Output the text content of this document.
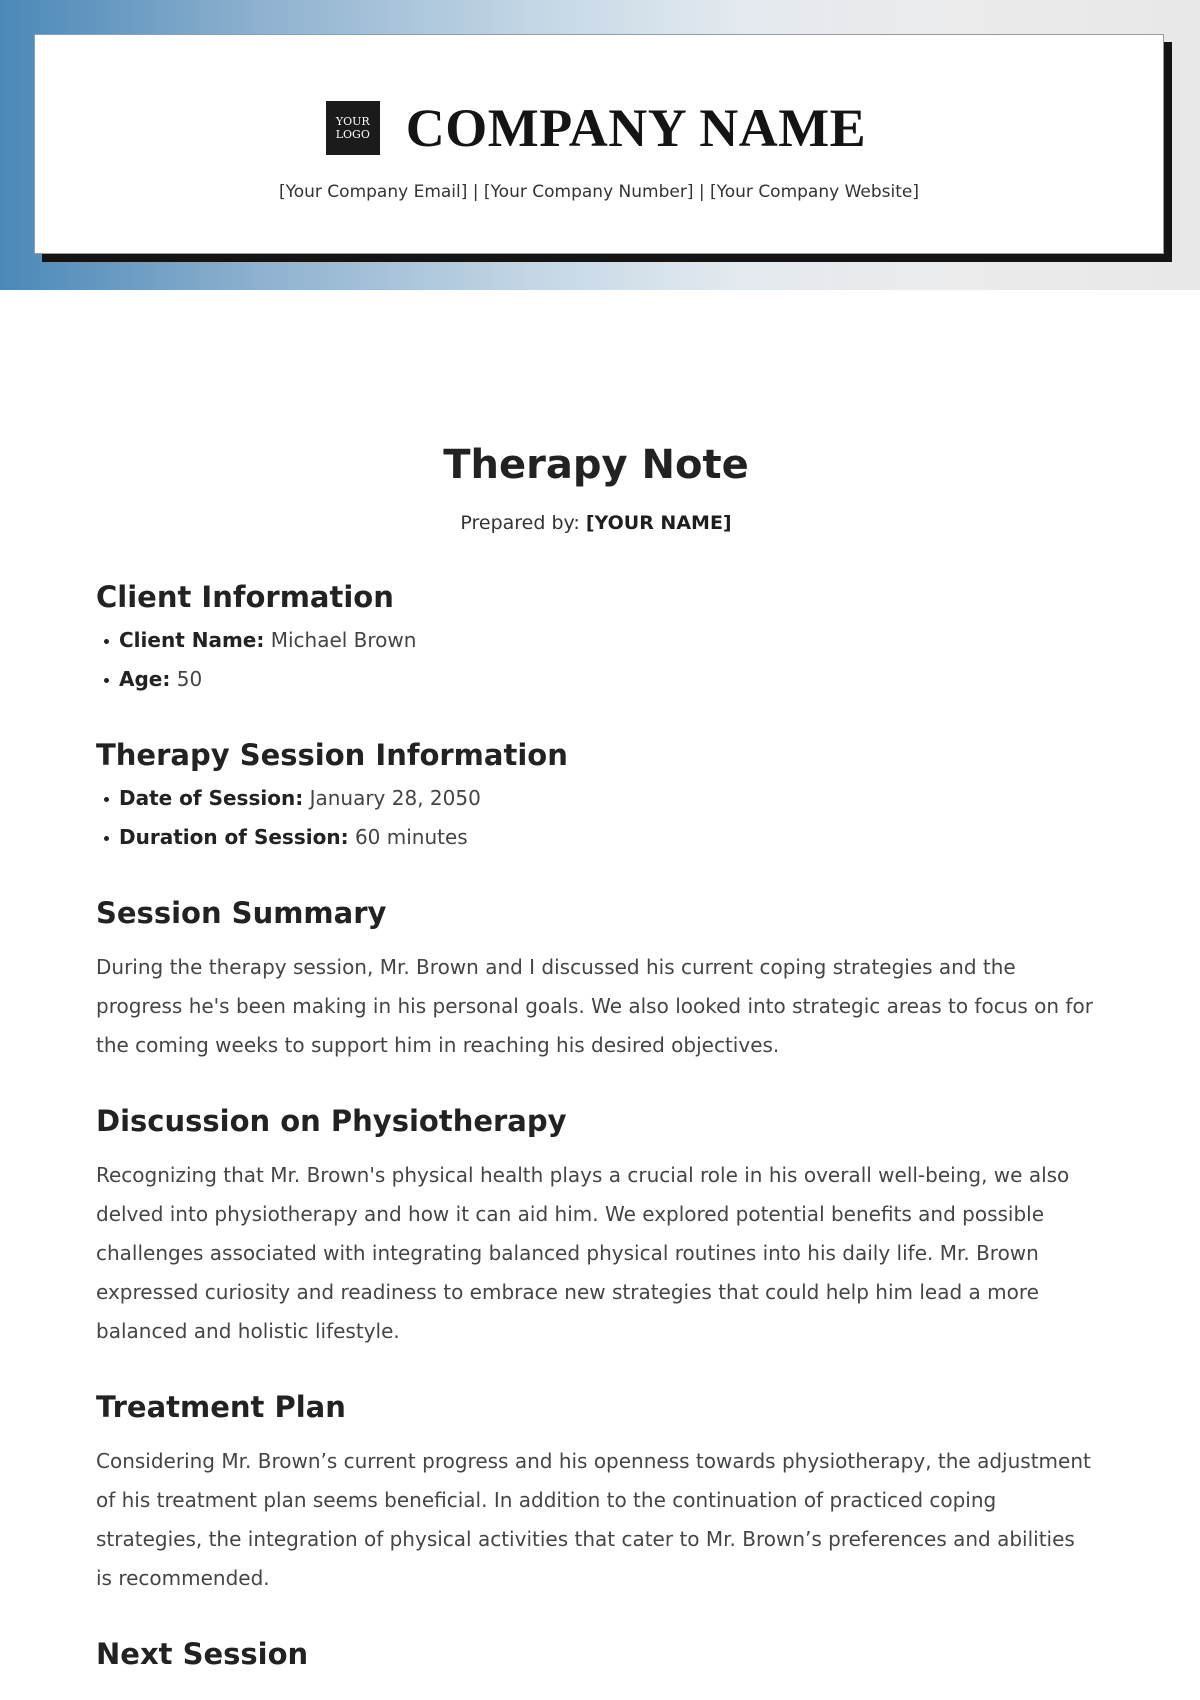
YOUR
LOGO COMPANY NAME
[Your Company Email] | [Your Company Number] | [Your Company Website]
Therapy Note
Prepared by: [YOUR NAME]
Client Information
Client Name: Michael Brown
Age: 50
Therapy Session Information
Date of Session: January 28, 2050
Duration of Session: 60 minutes
Session Summary

During the therapy session, Mr. Brown and I discussed his current coping strategies and the progress he's been making in his personal goals. We also looked into strategic areas to focus on for the coming weeks to support him in reaching his desired objectives.

Discussion on Physiotherapy

Recognizing that Mr. Brown's physical health plays a crucial role in his overall well-being, we also delved into physiotherapy and how it can aid him. We explored potential benefits and possible challenges associated with integrating balanced physical routines into his daily life. Mr. Brown expressed curiosity and readiness to embrace new strategies that could help him lead a more balanced and holistic lifestyle.

Treatment Plan

Considering Mr. Brown’s current progress and his openness towards physiotherapy, the adjustment of his treatment plan seems beneficial. In addition to the continuation of practiced coping strategies, the integration of physical activities that cater to Mr. Brown’s preferences and abilities is recommended.

Next Session
